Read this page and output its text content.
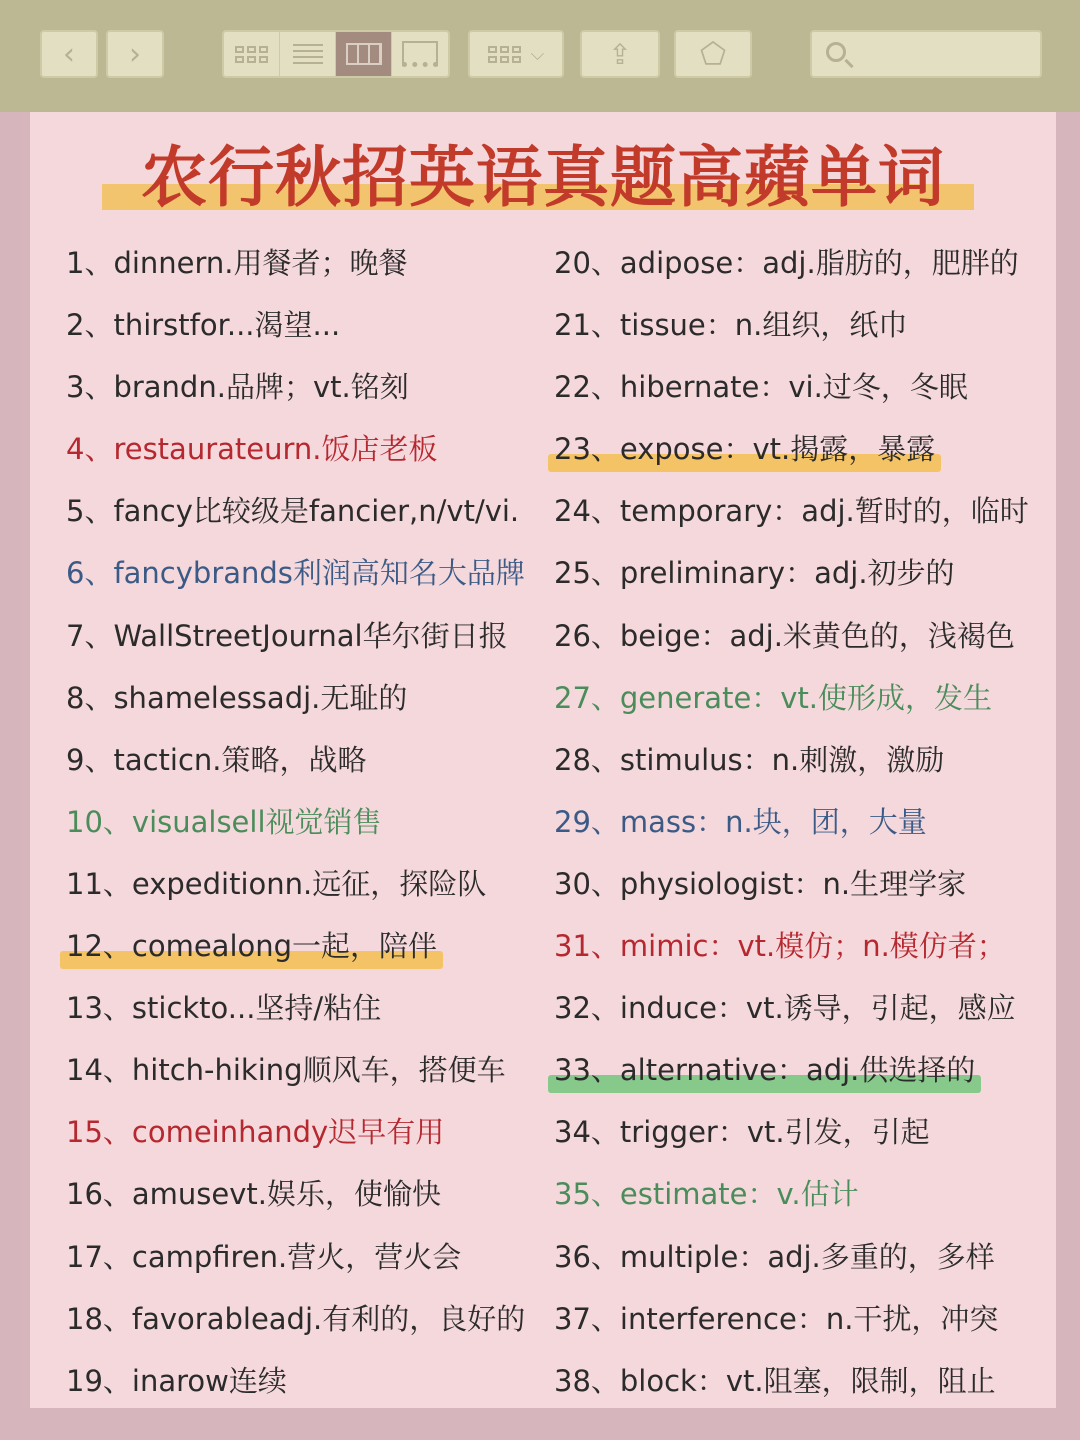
‹ ›	⌵ ⇪ ⬠
农行秋招英语真题高蘋单词
1、dinnern.用餐者；晚餐
2、thirstfor...渴望...
3、brandn.品牌；vt.铭刻
4、restaurateurn.饭店老板
5、fancy比较级是fancier,n/vt/vi.
6、fancybrands利润高知名大品牌
7、WallStreetJournal华尔街日报
8、shamelessadj.无耻的
9、tacticn.策略，战略
10、visualsell视觉销售
11、expeditionn.远征，探险队
12、comealong一起，陪伴
13、stickto...坚持/粘住
14、hitch-hiking顺风车，搭便车
15、comeinhandy迟早有用
16、amusevt.娱乐，使愉快
17、campfiren.营火，营火会
18、favorableadj.有利的，良好的
19、inarow连续
20、adipose：adj.脂肪的，肥胖的
21、tissue：n.组织，纸巾
22、hibernate：vi.过冬，冬眠
23、expose：vt.揭露，暴露
24、temporary：adj.暂时的，临时
25、preliminary：adj.初步的
26、beige：adj.米黄色的，浅褐色
27、generate：vt.使形成，发生
28、stimulus：n.刺激，激励
29、mass：n.块，团，大量
30、physiologist：n.生理学家
31、mimic：vt.模仿；n.模仿者；
32、induce：vt.诱导，引起，感应
33、alternative：adj.供选择的
34、trigger：vt.引发，引起
35、estimate：v.估计
36、multiple：adj.多重的，多样
37、interference：n.干扰，冲突
38、block：vt.阻塞，限制，阻止
